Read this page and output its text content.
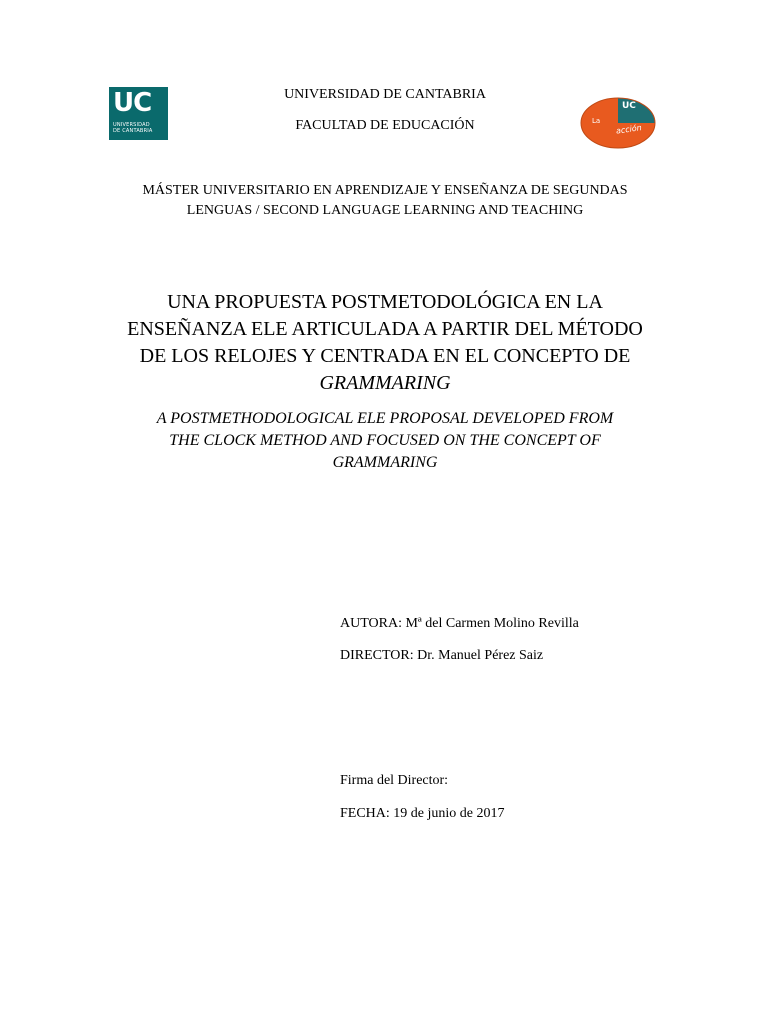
UC
UNIVERSIDAD
DE CANTABRIA
UNIVERSIDAD DE CANTABRIA
FACULTAD DE EDUCACIÓN
UC
La
acción
MÁSTER UNIVERSITARIO EN APRENDIZAJE Y ENSEÑANZA DE SEGUNDAS
LENGUAS / SECOND LANGUAGE LEARNING AND TEACHING
UNA PROPUESTA POSTMETODOLÓGICA EN LA
ENSEÑANZA ELE ARTICULADA A PARTIR DEL MÉTODO
DE LOS RELOJES Y CENTRADA EN EL CONCEPTO DE
GRAMMARING
A POSTMETHODOLOGICAL ELE PROPOSAL DEVELOPED FROM
THE CLOCK METHOD AND FOCUSED ON THE CONCEPT OF
GRAMMARING
AUTORA: Mª del Carmen Molino Revilla
DIRECTOR: Dr. Manuel Pérez Saiz
Firma del Director:
FECHA: 19 de junio de 2017
